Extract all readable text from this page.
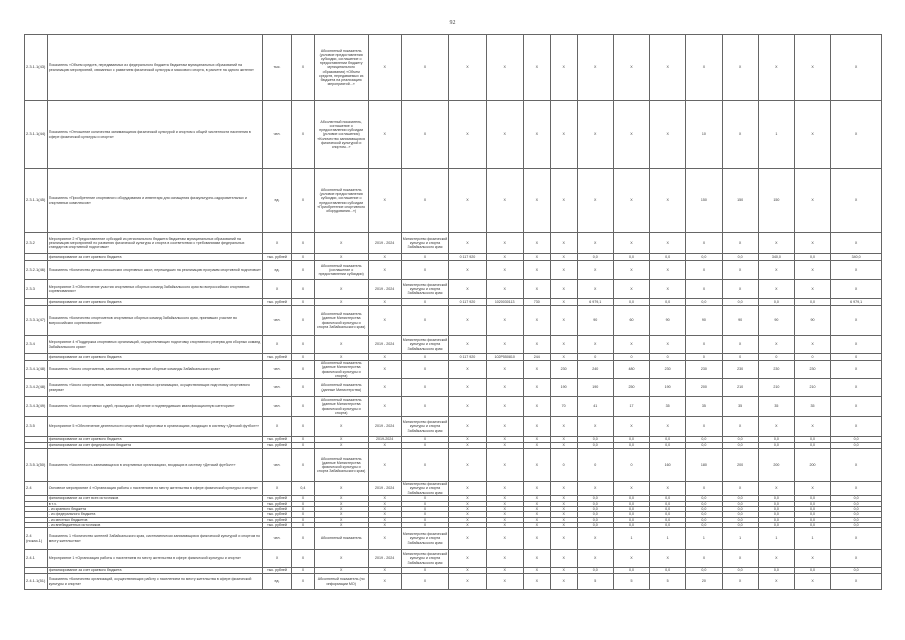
92
2.3.1.1(43)	Показатель «Объем средств, передаваемых из федерального бюджета бюджетам муниципальных образований на реализацию мероприятий, связанных с развитием физической культуры и массового спорта, в расчете на одного жителя»	тыс.	X	Абсолютный показатель (условие предоставления субсидии, соглашение о предоставлении бюджету муниципального образования) «Объем средств, передаваемых из бюджета на реализацию мероприятий...»	X	X	X	X	X	X	X	X	X	X	X	X	X	X
2.3.1.1(44)	Показатель «Отношение количества занимающихся физической культурой и спортом к общей численности населения в сфере физической культуры и спорта»	чел.	X	Абсолютный показатель, соглашение о предоставлении субсидии (условие соглашения) «Количество занимающихся физической культурой и спортом...»	X	X	X	X	X	X	X	X	X	10	X	1	X	X
2.3.1.1(45)	Показатель «Приобретение спортивного оборудования и инвентаря для оснащения физкультурно-оздоровительных и спортивных комплексов»	ед.	X	Абсолютный показатель (условие предоставления субсидии, соглашение о предоставлении субсидии «Приобретение спортивного оборудования...»)	X	X	X	X	X	X	X	X	X	150	150	150	X	X
2.3.2	Мероприятие 2 «Предоставление субсидий из регионального бюджета бюджетам муниципальных образований на реализацию мероприятий по развитию физической культуры и спорта в соответствии с требованиями федеральных стандартов спортивной подготовки»	X	X	X	2019 - 2024	Министерство физической культуры и спорта Забайкальского края	X	X	X	X	X	X	X	X	X	X	X	X
	финансирование за счет краевого бюджета	тыс. рублей	X	X	X	X	0 117 920	X	X	X	0,0	0,0	0,0	0,0	0,0	340,0	0,0	340,0
2.3.2.1(46)	Показатель «Количество детско-юношеских спортивных школ, перешедших на реализацию программ спортивной подготовки»	ед.	X	Абсолютный показатель (соглашение о предоставлении субсидии)	X	X	X	X	X	X	X	X	X	X	X	X	X	X
2.3.3	Мероприятие 3 «Обеспечение участия спортивных сборных команд Забайкальского края во всероссийских спортивных соревнованиях»	X	X	X	2019 - 2024	Министерство физической культуры и спорта Забайкальского края	X	X	X	X	X	X	X	X	X	X	X	X
	финансирование за счет краевого бюджета	тыс. рублей	X	X	X	X	0 117 920	1020030113	730	X	6 979,1	0,0	0,0	0,0	0,0	0,0	0,0	6 979,1
2.3.3.1(47)	Показатель «Количество спортсменов спортивных сборных команд Забайкальского края, принявших участие во всероссийских соревнованиях»	чел.	X	Абсолютный показатель (данные Министерства физической культуры и спорта Забайкальского края)	X	X	X	X	X	X	90	60	90	90	90	90	90	X
2.3.4	Мероприятие 4 «Поддержка спортивных организаций, осуществляющих подготовку спортивного резерва для сборных команд Забайкальского края»	X	X	X	2019 - 2024	Министерство физической культуры и спорта Забайкальского края	X	X	X	X	X	X	X	X	X	X	X	X
	финансирование за счет краевого бюджета	тыс. рублей	X	X	X	X	0 117 920	102P550810	244	X	0	0	0	0	0	0	0	0
2.3.4.1(48)	Показатель «Число спортсменов, зачисленных в спортивные сборные команды Забайкальского края»	чел.	X	Абсолютный показатель (данные Министерства физической культуры и спорта)	X	X	X	X	X	230	240	480	230	230	230	230	230	X
2.3.4.2(48)	Показатель «Число спортсменов, занимающихся в спортивных организациях, осуществляющих подготовку спортивного резерва»	чел.	X	Абсолютный показатель (данные Министерства)	X	X	X	X	X	190	190	250	190	200	210	210	210	X
2.3.4.3(49)	Показатель «Число спортивных судей, прошедших обучение и подтвердивших квалификационную категорию»	чел.	X	Абсолютный показатель (данные Министерства физической культуры и спорта)	X	X	X	X	X	70	41	17	35	35	35	35	35	X
2.3.5	Мероприятие 5 «Обеспечение деятельности спортивной подготовки в организациях, входящих в систему «Детский футбол»»	X	X	X	2019 - 2024	Министерство физической культуры и спорта Забайкальского края	X	X	X	X	X	X	X	X	X	X	X	X
	финансирование за счет краевого бюджета	тыс. рублей	X	X	2019-2024	X	X	X	X	X	0,0	0,0	0,0	0,0	0,0	0,0	0,0	0,0
	финансирование за счет федерального бюджета	тыс. рублей	X	X	X	X	X	X	X	X	0,0	0,0	0,0	0,0	0,0	0,0	0,0	0,0
2.3.5.1(50)	Показатель «Численность занимающихся в спортивных организациях, входящих в систему «Детский футбол»»	чел.	X	Абсолютный показатель (данные Министерства физической культуры и спорта Забайкальского края)	X	X	X	X	X	0	0	0	160	180	200	200	200	X
2.4	Основное мероприятие 4 «Организация работы с населением по месту жительства в сфере физической культуры и спорта»	X	0,4	X	2019 - 2024	Министерство физической культуры и спорта Забайкальского края	X	X	X	X	X	X	X	X	X	X	X	X
	финансирование за счет всех источников	тыс. рублей	X	X	X	X	X	X	X	X	0,0	0,0	0,0	0,0	0,0	0,0	0,0	0,0
	в т.ч.	тыс. рублей	X	X	X	X	X	X	X	X	0,0	0,0	0,0	0,0	0,0	0,0	0,0	0,0
	- из краевого бюджета	тыс. рублей	X	X	X	X	X	X	X	X	0,0	0,0	0,0	0,0	0,0	0,0	0,0	0,0
	- из федерального бюджета	тыс. рублей	X	X	X	X	X	X	X	X	0,0	0,0	0,0	0,0	0,0	0,0	0,0	0,0
	- из местных бюджетов	тыс. рублей	X	X	X	X	X	X	X	X	0,0	0,0	0,0	0,0	0,0	0,0	0,0	0,0
	- из внебюджетных источников	тыс. рублей	X	X	X	X	X	X	X	X	0,0	0,0	0,0	0,0	0,0	0,0	0,0	0,0
2.4 (показ.1)	Показатель 1 «Количество жителей Забайкальского края, систематически занимающихся физической культурой и спортом по месту жительства»	чел.	X	Абсолютный показатель	X	Министерство физической культуры и спорта Забайкальского края	X	X	X	X	X	1	1	1	1	1	1	X
2.4.1	Мероприятие 1 «Организация работы с населением по месту жительства в сфере физической культуры и спорта»	X	X	X	2019 - 2024	Министерство физической культуры и спорта Забайкальского края	X	X	X	X	X	X	X	X	X	X	X	X
	финансирование за счет краевого бюджета	тыс. рублей	X	X	X	X	X	X	X	X	0,0	0,0	0,0	0,0	0,0	0,0	0,0	0,0
2.4.1.1(51)	Показатель «Количество организаций, осуществляющих работу с населением по месту жительства в сфере физической культуры и спорта»	ед.	X	Абсолютный показатель (по информации МО)	X	X	X	X	X	X	5	5	5	20	X	X	X	X
